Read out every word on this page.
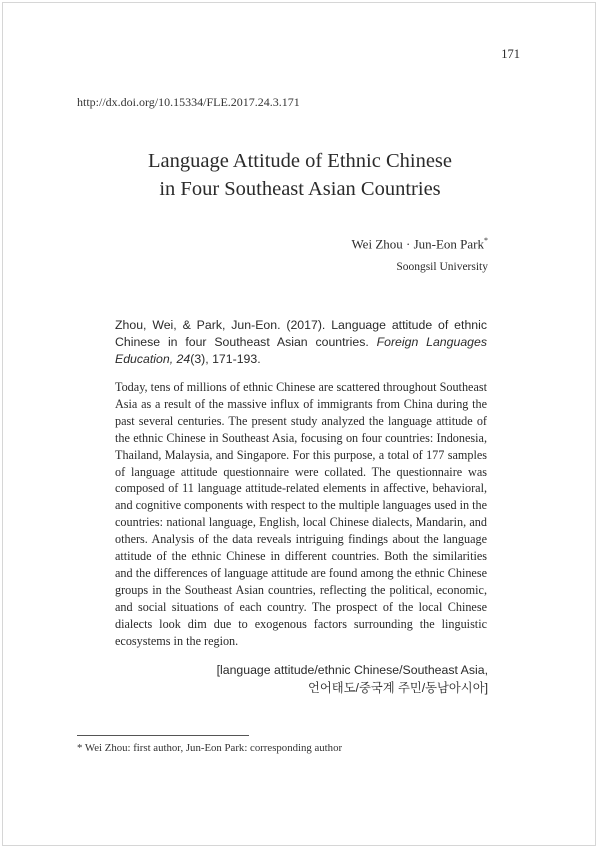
171
http://dx.doi.org/10.15334/FLE.2017.24.3.171
Language Attitude of Ethnic Chinese
in Four Southeast Asian Countries
Wei Zhou · Jun-Eon Park*
Soongsil University
Zhou, Wei, & Park, Jun-Eon. (2017). Language attitude of ethnic Chinese in four Southeast Asian countries. Foreign Languages Education, 24(3), 171-193.
Today, tens of millions of ethnic Chinese are scattered throughout Southeast Asia as a result of the massive influx of immigrants from China during the past several centuries. The present study analyzed the language attitude of the ethnic Chinese in Southeast Asia, focusing on four countries: Indonesia, Thailand, Malaysia, and Singapore. For this purpose, a total of 177 samples of language attitude questionnaire were collated. The questionnaire was composed of 11 language attitude-related elements in affective, behavioral, and cognitive components with respect to the multiple languages used in the countries: national language, English, local Chinese dialects, Mandarin, and others. Analysis of the data reveals intriguing findings about the language attitude of the ethnic Chinese in different countries. Both the similarities and the differences of language attitude are found among the ethnic Chinese groups in the Southeast Asian countries, reflecting the political, economic, and social situations of each country. The prospect of the local Chinese dialects look dim due to exogenous factors surrounding the linguistic ecosystems in the region.
[language attitude/ethnic Chinese/Southeast Asia,
언어태도/중국계 주민/동남아시아]
* Wei Zhou: first author, Jun-Eon Park: corresponding author
